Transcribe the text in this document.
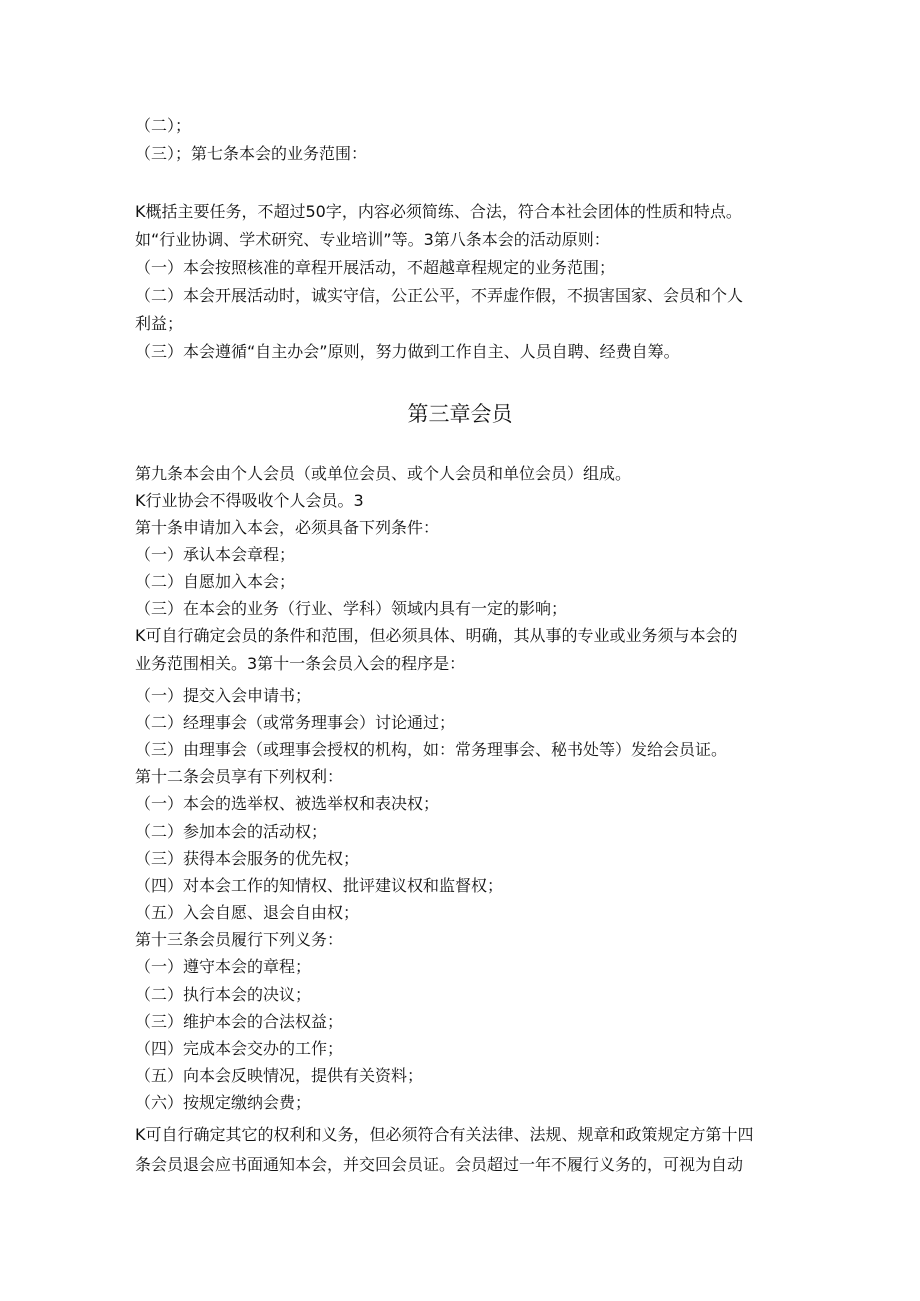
（二）；
（三）；第七条本会的业务范围：
K概括主要任务，不超过50字，内容必须简练、合法，符合本社会团体的性质和特点。
如“行业协调、学术研究、专业培训”等。3第八条本会的活动原则：
（一）本会按照核准的章程开展活动，不超越章程规定的业务范围；
（二）本会开展活动时，诚实守信，公正公平，不弄虚作假，不损害国家、会员和个人
利益；
（三）本会遵循“自主办会”原则，努力做到工作自主、人员自聘、经费自筹。
第三章会员
第九条本会由个人会员（或单位会员、或个人会员和单位会员）组成。
K行业协会不得吸收个人会员。3
第十条申请加入本会，必须具备下列条件：
（一）承认本会章程；
（二）自愿加入本会；
（三）在本会的业务（行业、学科）领域内具有一定的影响；
K可自行确定会员的条件和范围，但必须具体、明确，其从事的专业或业务须与本会的
业务范围相关。3第十一条会员入会的程序是：
（一）提交入会申请书；
（二）经理事会（或常务理事会）讨论通过；
（三）由理事会（或理事会授权的机构，如：常务理事会、秘书处等）发给会员证。
第十二条会员享有下列权利：
（一）本会的选举权、被选举权和表决权；
（二）参加本会的活动权；
（三）获得本会服务的优先权；
（四）对本会工作的知情权、批评建议权和监督权；
（五）入会自愿、退会自由权；
第十三条会员履行下列义务：
（一）遵守本会的章程；
（二）执行本会的决议；
（三）维护本会的合法权益；
（四）完成本会交办的工作；
（五）向本会反映情况，提供有关资料；
（六）按规定缴纳会费；
K可自行确定其它的权利和义务，但必须符合有关法律、法规、规章和政策规定方第十四
条会员退会应书面通知本会，并交回会员证。会员超过一年不履行义务的，可视为自动
